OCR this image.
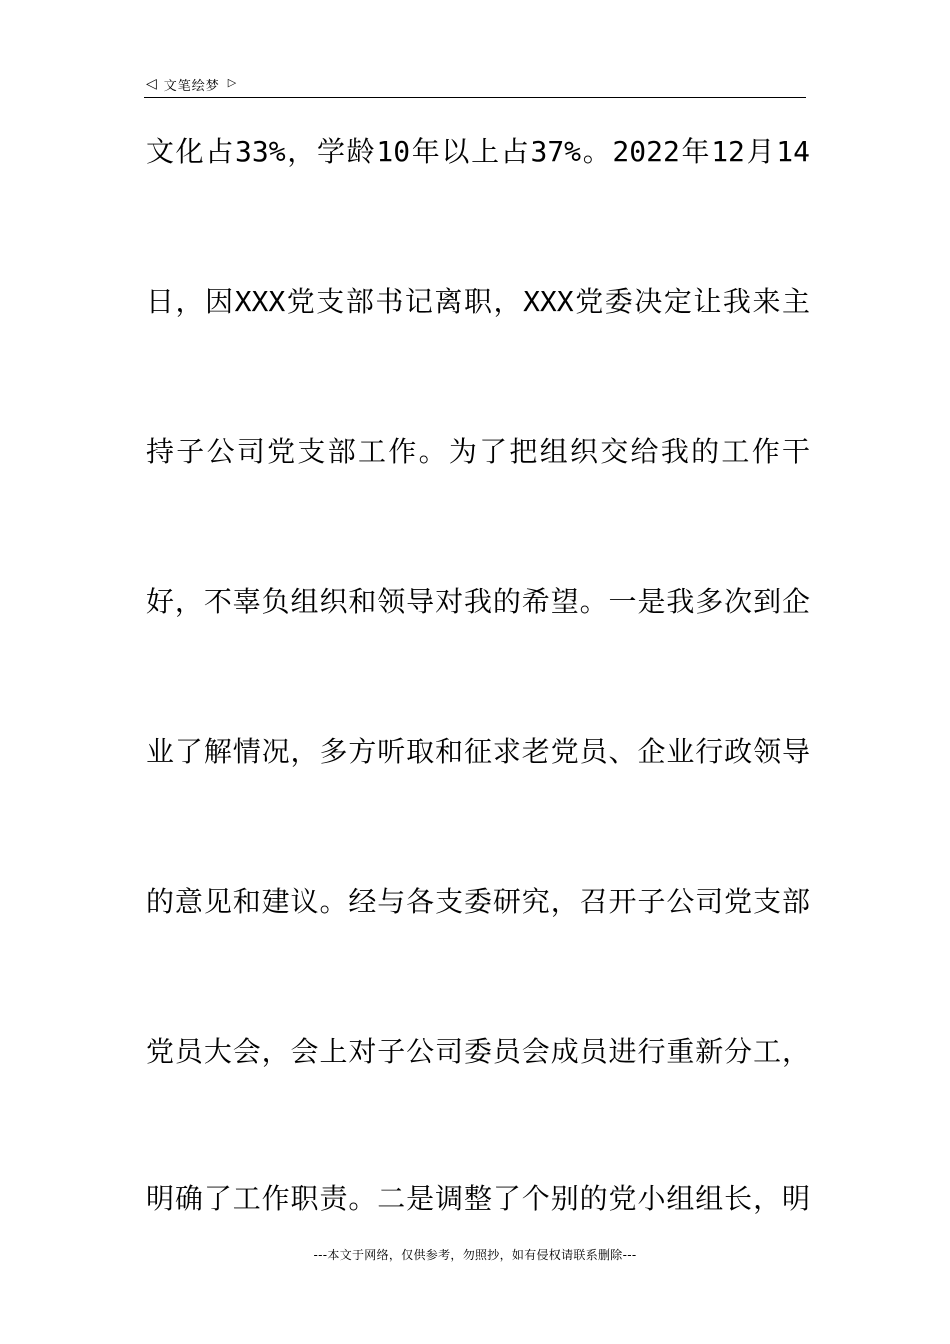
◁ 文笔绘梦 ▷
文化占33%，学龄10年以上占37%。2022年12月14
日，因XXX党支部书记离职，XXX党委决定让我来主
持子公司党支部工作。为了把组织交给我的工作干
好，不辜负组织和领导对我的希望。一是我多次到企
业了解情况，多方听取和征求老党员、企业行政领导
的意见和建议。经与各支委研究，召开子公司党支部
党员大会，会上对子公司委员会成员进行重新分工，
明确了工作职责。二是调整了个别的党小组组长，明
---本文于网络，仅供参考，勿照抄，如有侵权请联系删除---
